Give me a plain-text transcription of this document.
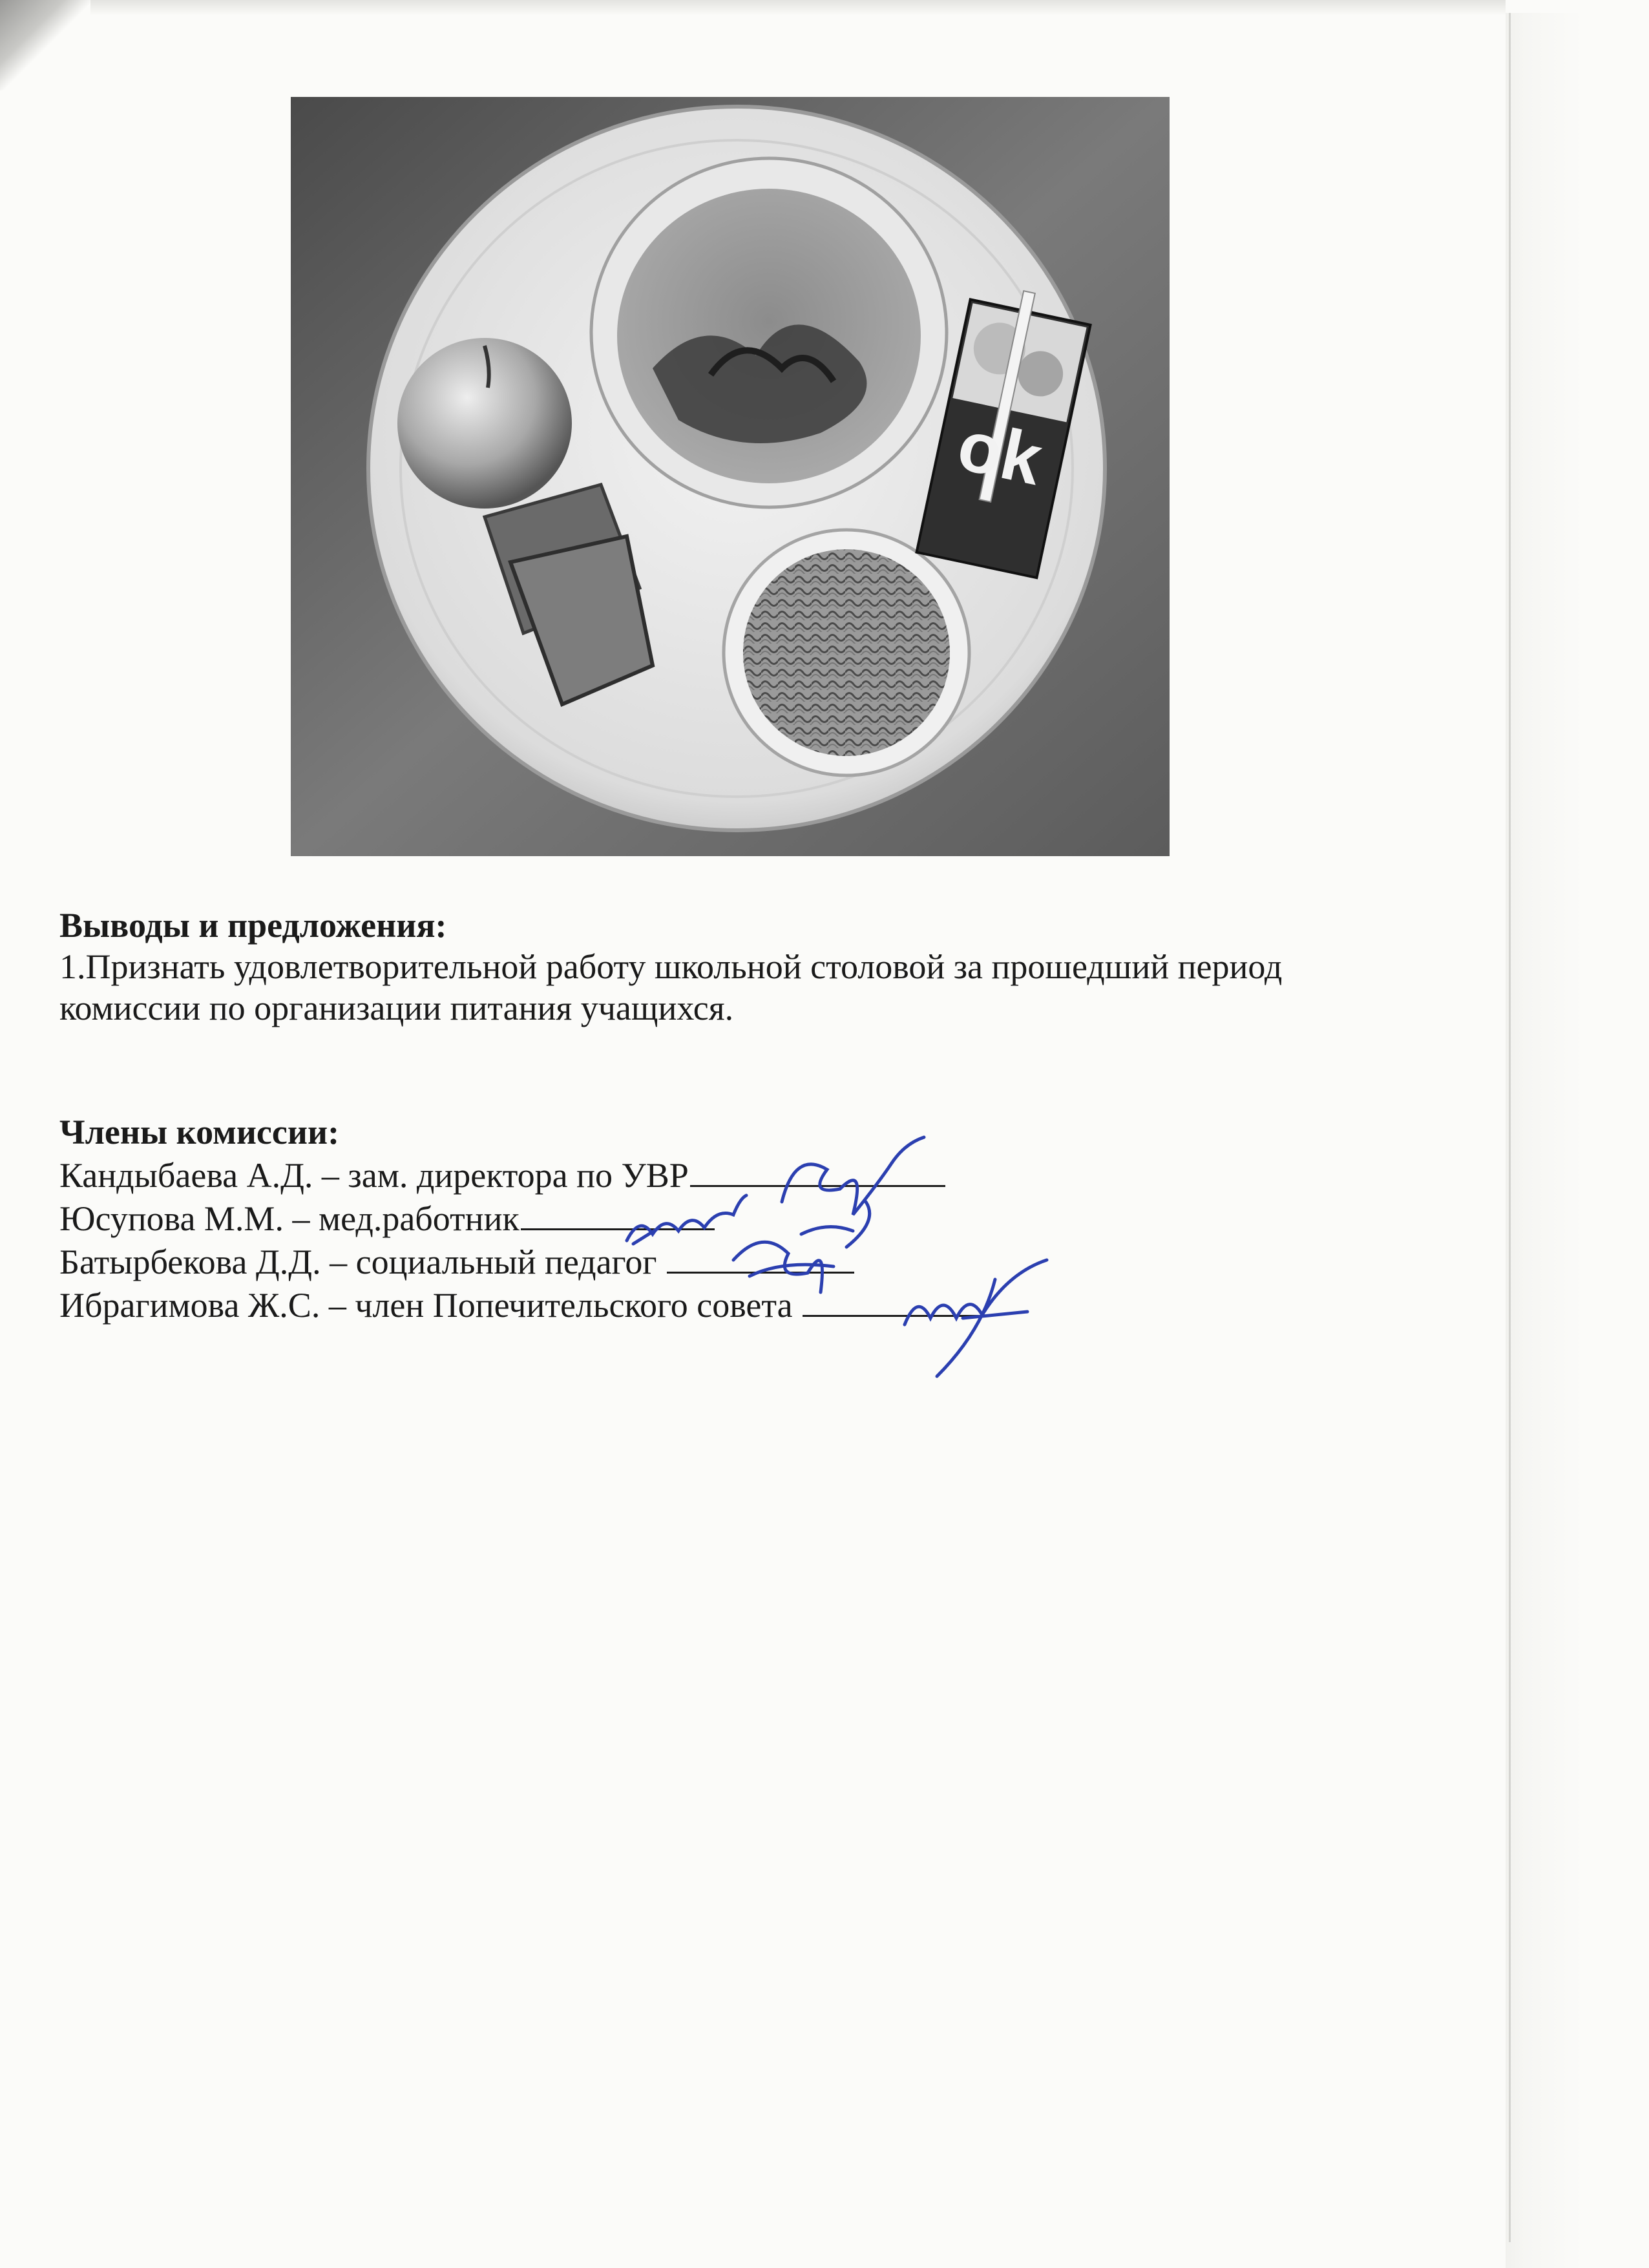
ok
Выводы и предложения:
1.Признать удовлетворительной работу школьной столовой за прошедший период
комиссии по организации питания учащихся.
Члены комиссии:
Кандыбаева А.Д. – зам. директора по УВР
Юсупова М.М. – мед.работник
Батырбекова Д.Д. – социальный педагог
Ибрагимова Ж.С. – член Попечительского совета
